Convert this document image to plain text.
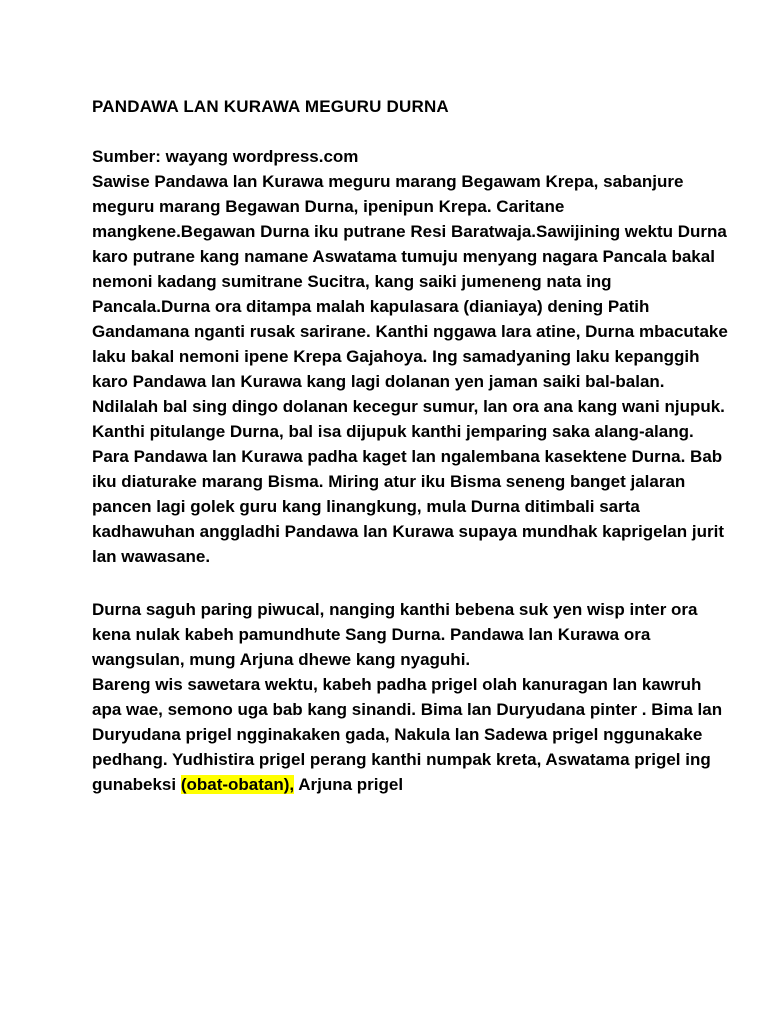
PANDAWA LAN KURAWA MEGURU DURNA

Sumber: wayang wordpress.com

Sawise Pandawa lan Kurawa meguru marang Begawam Krepa, sabanjure meguru marang Begawan Durna, ipenipun Krepa. Caritane mangkene.Begawan Durna iku putrane Resi Baratwaja.Sawijining wektu Durna karo putrane kang namane Aswatama tumuju menyang nagara Pancala bakal nemoni kadang sumitrane Sucitra, kang saiki jumeneng nata ing Pancala.Durna ora ditampa malah kapulasara (dianiaya) dening Patih Gandamana nganti rusak sarirane. Kanthi nggawa lara atine, Durna mbacutake laku bakal nemoni ipene Krepa Gajahoya. Ing samadyaning laku kepanggih karo Pandawa lan Kurawa kang lagi dolanan yen jaman saiki bal-balan. Ndilalah bal sing dingo dolanan kecegur sumur, lan ora ana kang wani njupuk. Kanthi pitulange Durna, bal isa dijupuk kanthi jemparing saka alang-alang. Para Pandawa lan Kurawa padha kaget lan ngalembana kasektene Durna. Bab iku diaturake marang Bisma. Miring atur iku Bisma seneng banget jalaran pancen lagi golek guru kang linangkung, mula Durna ditimbali sarta kadhawuhan anggladhi Pandawa lan Kurawa supaya mundhak kaprigelan jurit lan wawasane.

Durna saguh paring piwucal, nanging kanthi bebena suk yen wisp inter ora kena nulak kabeh pamundhute Sang Durna. Pandawa lan Kurawa ora wangsulan, mung Arjuna dhewe kang nyaguhi.

Bareng wis sawetara wektu, kabeh padha prigel olah kanuragan lan kawruh apa wae, semono uga bab kang sinandi. Bima lan Duryudana pinter . Bima lan Duryudana prigel ngginakaken gada, Nakula lan Sadewa prigel nggunakake pedhang. Yudhistira prigel perang kanthi numpak kreta, Aswatama prigel ing gunabeksi (obat-obatan), Arjuna prigel
